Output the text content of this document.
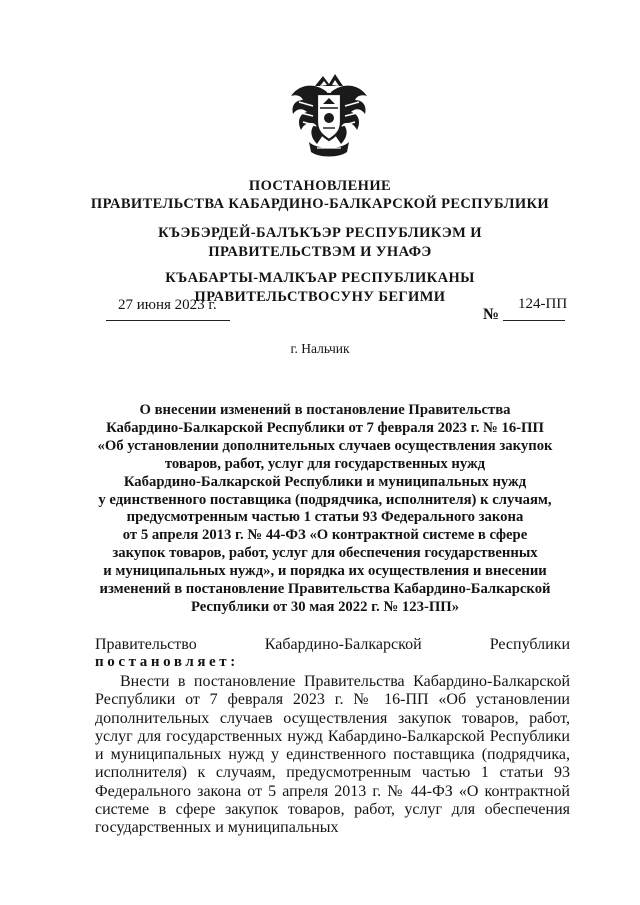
ПОСТАНОВЛЕНИЕ
ПРАВИТЕЛЬСТВА КАБАРДИНО-БАЛКАРСКОЙ РЕСПУБЛИКИ
КЪЭБЭРДЕЙ-БАЛЪКЪЭР РЕСПУБЛИКЭМ И ПРАВИТЕЛЬСТВЭМ И УНАФЭ
КЪАБАРТЫ-МАЛКЪАР РЕСПУБЛИКАНЫ ПРАВИТЕЛЬСТВОСУНУ БЕГИМИ
27 июня 2023 г.
№
124-ПП
г. Нальчик
О внесении изменений в постановление Правительства
Кабардино-Балкарской Республики от 7 февраля 2023 г. № 16-ПП
«Об установлении дополнительных случаев осуществления закупок
товаров, работ, услуг для государственных нужд
Кабардино-Балкарской Республики и муниципальных нужд
у единственного поставщика (подрядчика, исполнителя) к случаям,
предусмотренным частью 1 статьи 93 Федерального закона
от 5 апреля 2013 г. № 44-ФЗ «О контрактной системе в сфере
закупок товаров, работ, услуг для обеспечения государственных
и муниципальных нужд», и порядка их осуществления и внесении
изменений в постановление Правительства Кабардино-Балкарской
Республики от 30 мая 2022 г. № 123-ПП»
Правительство Кабардино-Балкарской Республики
постановляет:
Внести в постановление Правительства Кабардино-Балкарской Республики от 7 февраля 2023 г. № 16-ПП «Об установлении дополнительных случаев осуществления закупок товаров, работ, услуг для государственных нужд Кабардино-Балкарской Республики и муниципальных нужд у единственного поставщика (подрядчика, исполнителя) к случаям, предусмотренным частью 1 статьи 93 Федерального закона от 5 апреля 2013 г. № 44-ФЗ «О контрактной системе в сфере закупок товаров, работ, услуг для обеспечения государственных и муниципальных
